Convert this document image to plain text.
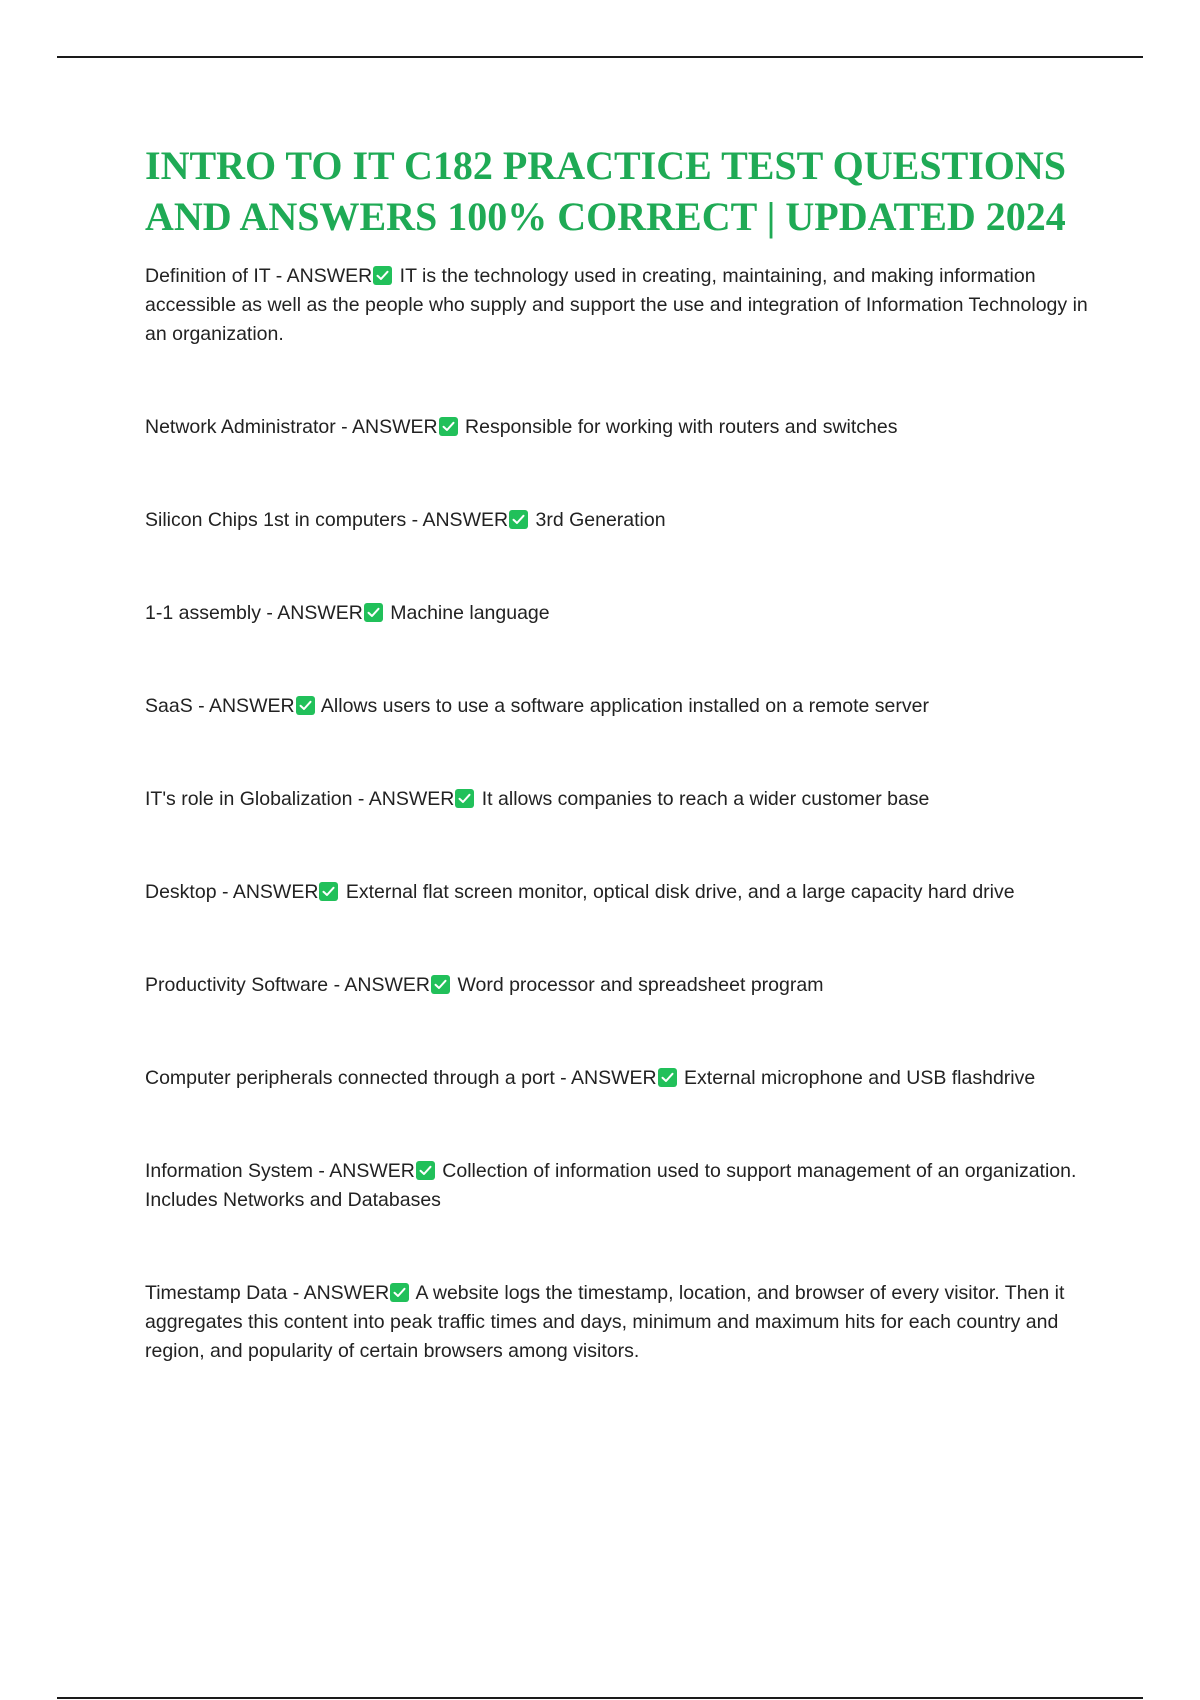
INTRO TO IT C182 PRACTICE TEST QUESTIONS AND ANSWERS 100% CORRECT | UPDATED 2024

Definition of IT - ANSWER IT is the technology used in creating, maintaining, and making information accessible as well as the people who supply and support the use and integration of Information Technology in an organization.

Network Administrator - ANSWER Responsible for working with routers and switches

Silicon Chips 1st in computers - ANSWER 3rd Generation

1-1 assembly - ANSWER Machine language

SaaS - ANSWER Allows users to use a software application installed on a remote server

IT's role in Globalization - ANSWER It allows companies to reach a wider customer base

Desktop - ANSWER External flat screen monitor, optical disk drive, and a large capacity hard drive

Productivity Software - ANSWER Word processor and spreadsheet program

Computer peripherals connected through a port - ANSWER External microphone and USB flashdrive

Information System - ANSWER Collection of information used to support management of an organization. Includes Networks and Databases

Timestamp Data - ANSWER A website logs the timestamp, location, and browser of every visitor. Then it aggregates this content into peak traffic times and days, minimum and maximum hits for each country and region, and popularity of certain browsers among visitors.
